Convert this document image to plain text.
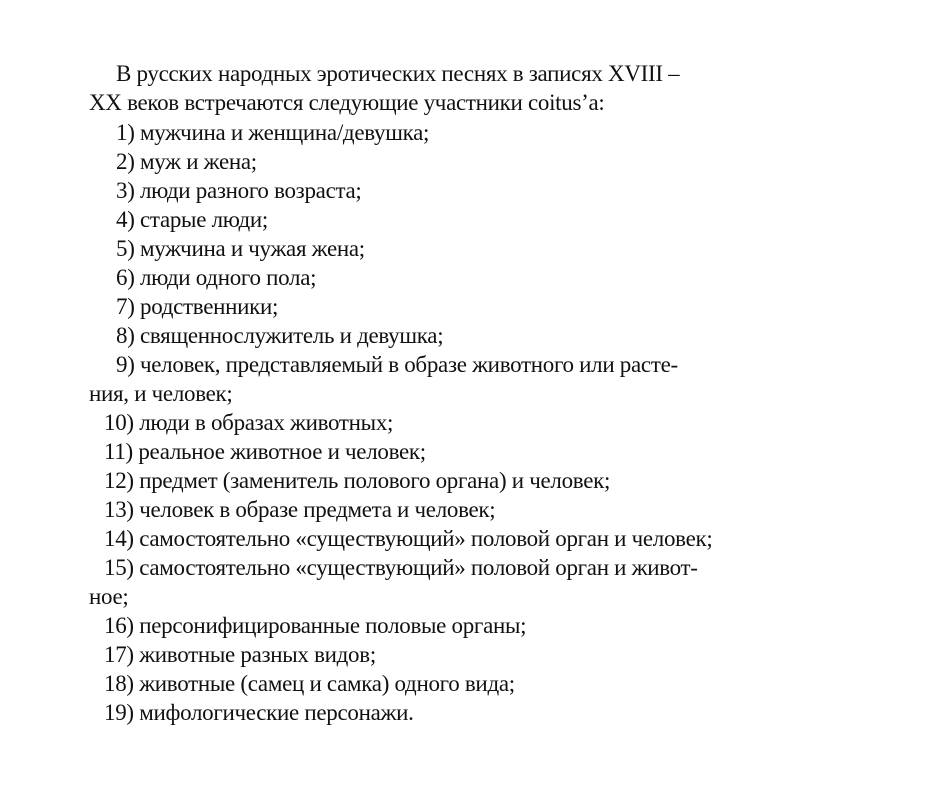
В русских народных эротических песнях в записях XVIII –
XX веков встречаются следующие участники coitus’a:
1) мужчина и женщина/девушка;
2) муж и жена;
3) люди разного возраста;
4) старые люди;
5) мужчина и чужая жена;
6) люди одного пола;
7) родственники;
8) священнослужитель и девушка;
9) человек, представляемый в образе животного или расте-
ния, и человек;
10) люди в образах животных;
11) реальное животное и человек;
12) предмет (заменитель полового органа) и человек;
13) человек в образе предмета и человек;
14) самостоятельно «существующий» половой орган и человек;
15) самостоятельно «существующий» половой орган и живот-
ное;
16) персонифицированные половые органы;
17) животные разных видов;
18) животные (самец и самка) одного вида;
19) мифологические персонажи.
